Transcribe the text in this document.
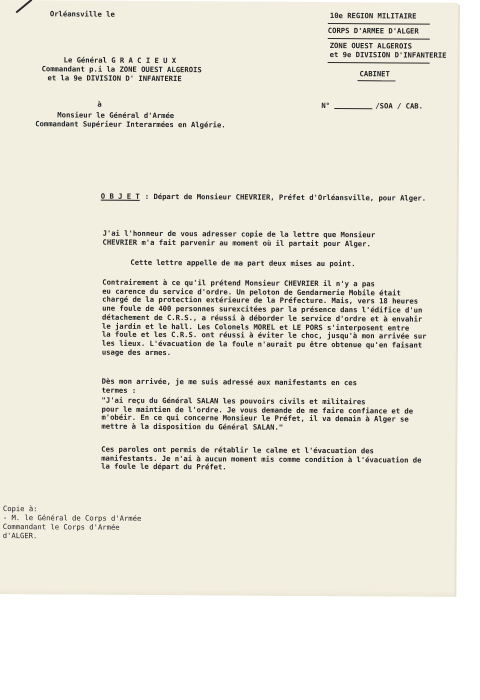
Orléansville le	10e REGION MILITAIRE
CORPS D'ARMEE D'ALGER
ZONE OUEST ALGEROIS
et 9e DIVISION D'INFANTERIE
CABINET
N°	/SOA / CAB.
Le Général G R A C I E U X
Commandant p.i la ZONE OUEST ALGEROIS
et la 9e DIVISION D' INFANTERIE
à
Monsieur le Général d'Armée
Commandant Supérieur Interarmées en Algérie.
O B J E T : Départ de Monsieur CHEVRIER, Préfet d'Orléansville, pour Alger.
J'ai l'honneur de vous adresser copie de la lettre que Monsieur
CHEVRIER m'a fait parvenir au moment où il partait pour Alger.
Cette lettre appelle de ma part deux mises au point.
Contrairement à ce qu'il prétend Monsieur CHEVRIER il n'y a pas
eu carence du service d'ordre. Un peloton de Gendarmerie Mobile était
chargé de la protection extérieure de la Préfecture. Mais, vers 18 heures
une foule de 400 personnes surexcitées par la présence dans l'édifice d'un
détachement de C.R.S., a réussi à déborder le service d'ordre et à envahir
le jardin et le hall. Les Colonels MOREL et LE PORS s'interposent entre
la foule et les C.R.S. ont réussi à éviter le choc, jusqu'à mon arrivée sur
les lieux. L'évacuation de la foule n'aurait pu être obtenue qu'en faisant
usage des armes.
Dès mon arrivée, je me suis adressé aux manifestants en ces
termes :
"J'ai reçu du Général SALAN les pouvoirs civils et militaires
pour le maintien de l'ordre. Je vous demande de me faire confiance et de
m'obéir. En ce qui concerne Monsieur le Préfet, il va demain à Alger se
mettre à la disposition du Général SALAN."
Ces paroles ont permis de rétablir le calme et l'évacuation des
manifestants. Je n'ai à aucun moment mis comme condition à l'évacuation de
la foule le départ du Préfet.
Copie à:
- M. le Général de Corps d'Armée
Commandant le Corps d'Armée
d'ALGER.
